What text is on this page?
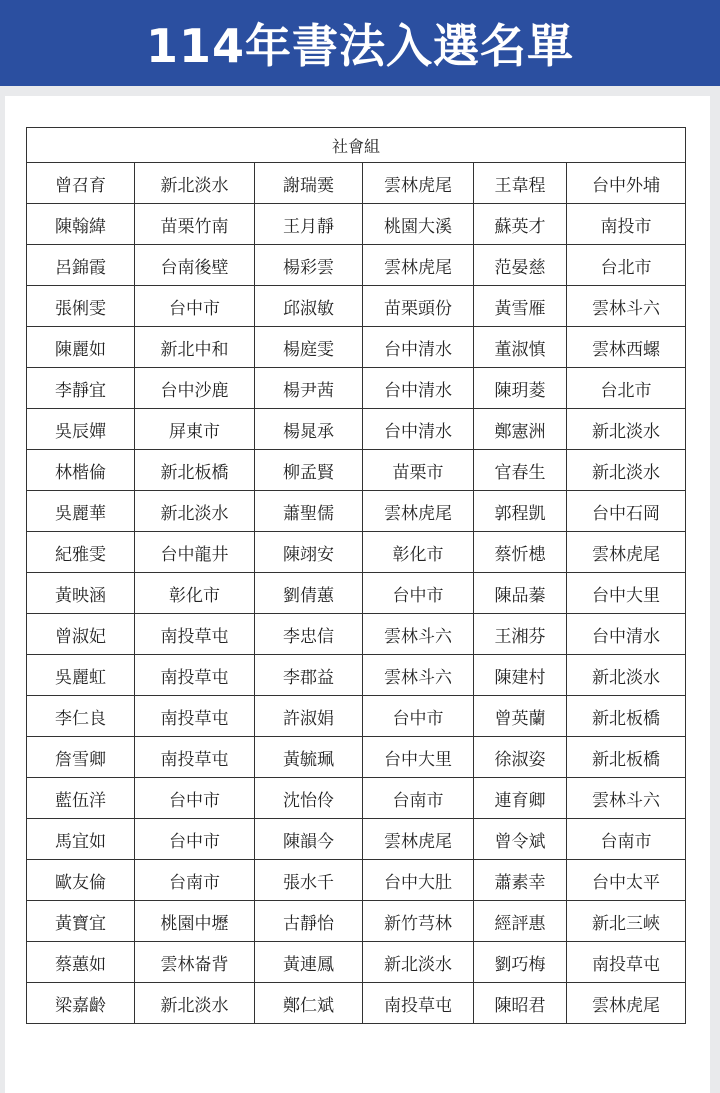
114年書法入選名單
社會組					
曾召育	新北淡水	謝瑞霙	雲林虎尾	王韋程	台中外埔
陳翰緯	苗栗竹南	王月靜	桃園大溪	蘇英才	南投市
呂錦霞	台南後壁	楊彩雲	雲林虎尾	范晏慈	台北市
張俐雯	台中市	邱淑敏	苗栗頭份	黃雪雁	雲林斗六
陳麗如	新北中和	楊庭雯	台中清水	董淑慎	雲林西螺
李靜宜	台中沙鹿	楊尹茜	台中清水	陳玥菱	台北市
吳辰嬋	屏東市	楊晁承	台中清水	鄭憲洲	新北淡水
林楷倫	新北板橋	柳孟賢	苗栗市	官春生	新北淡水
吳麗華	新北淡水	蕭聖儒	雲林虎尾	郭程凱	台中石岡
紀雅雯	台中龍井	陳翊安	彰化市	蔡忻槵	雲林虎尾
黃映涵	彰化市	劉倩蕙	台中市	陳品蓁	台中大里
曾淑妃	南投草屯	李忠信	雲林斗六	王湘芬	台中清水
吳麗虹	南投草屯	李郡益	雲林斗六	陳建村	新北淡水
李仁良	南投草屯	許淑娟	台中市	曾英蘭	新北板橋
詹雪卿	南投草屯	黃毓珮	台中大里	徐淑姿	新北板橋
藍伍洋	台中市	沈怡伶	台南市	連育卿	雲林斗六
馬宜如	台中市	陳韻今	雲林虎尾	曾令斌	台南市
歐友倫	台南市	張水千	台中大肚	蕭素幸	台中太平
黃寶宜	桃園中壢	古靜怡	新竹芎林	經評惠	新北三峽
蔡蕙如	雲林崙背	黃連鳳	新北淡水	劉巧梅	南投草屯
梁嘉齡	新北淡水	鄭仁斌	南投草屯	陳昭君	雲林虎尾
